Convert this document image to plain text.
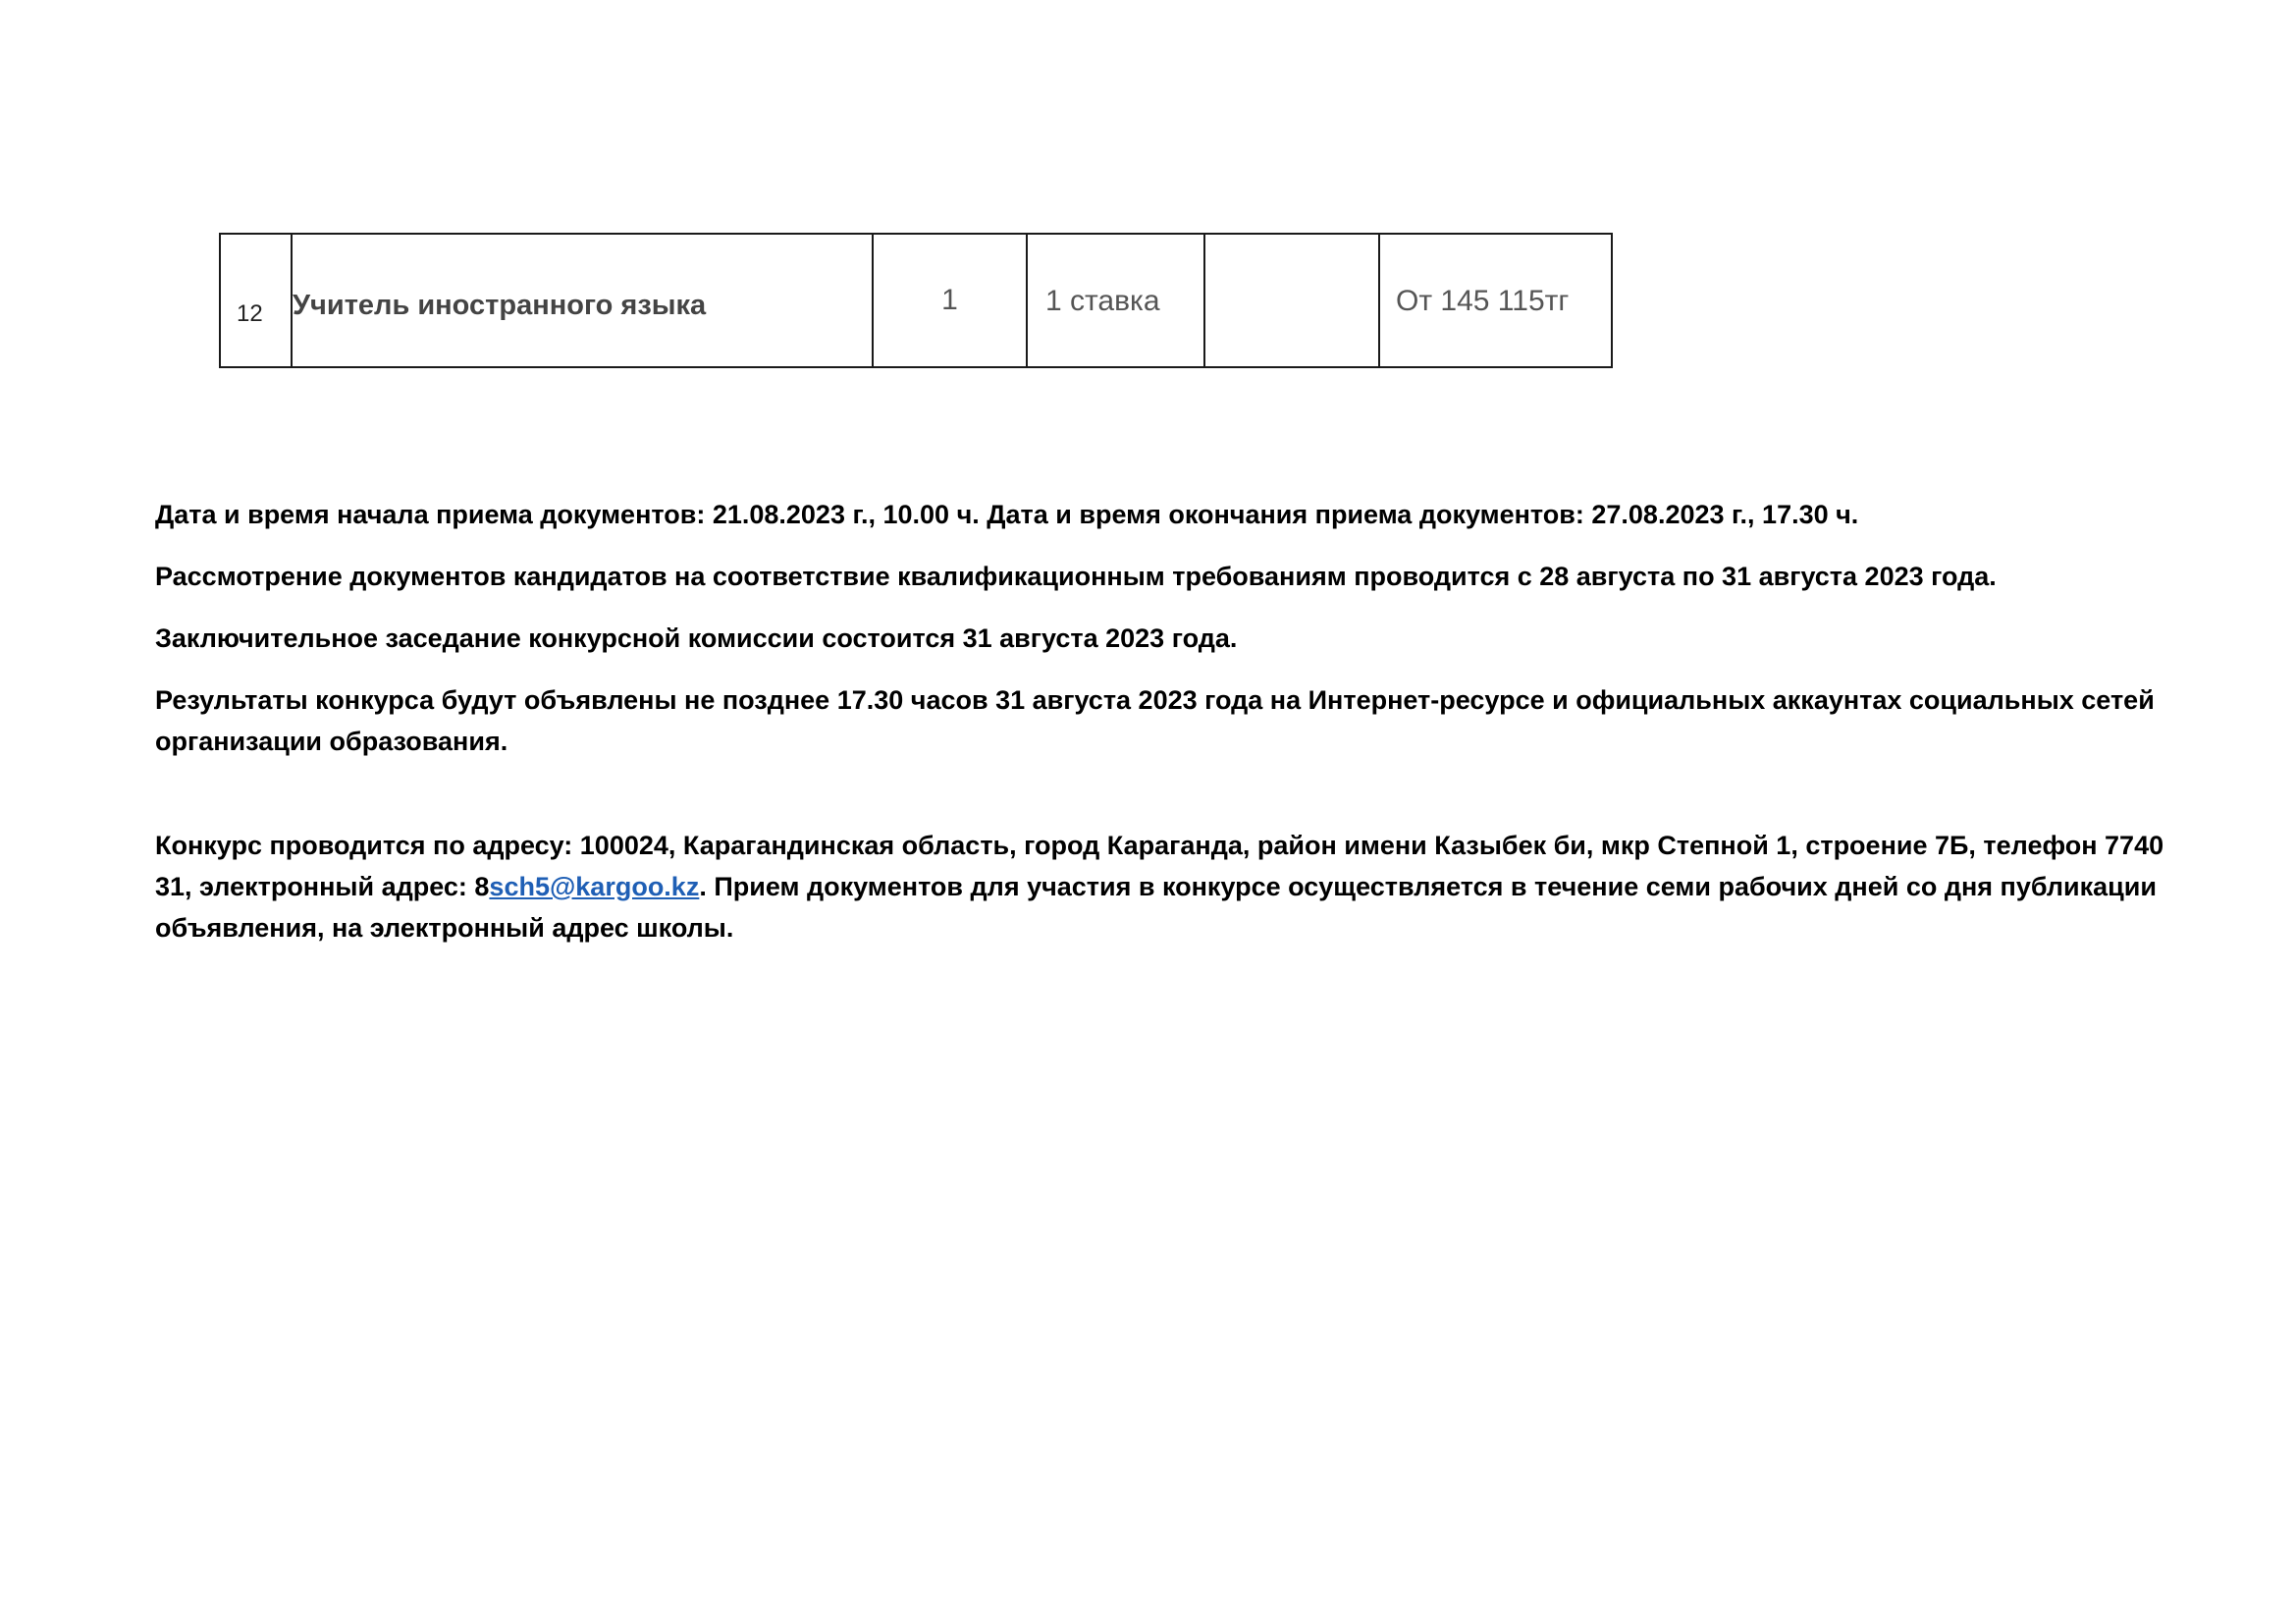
12	Учитель иностранного языка	1	1 ставка		От 145 115тг

Дата и время начала приема документов: 21.08.2023 г., 10.00 ч. Дата и время окончания приема документов: 27.08.2023 г., 17.30 ч.

Рассмотрение документов кандидатов на соответствие квалификационным требованиям проводится с 28 августа по 31 августа 2023 года.

Заключительное заседание конкурсной комиссии состоится 31 августа 2023 года.

Результаты конкурса будут объявлены не позднее 17.30 часов 31 августа 2023 года на Интернет-ресурсе и официальных аккаунтах социальных сетей организации образования.

Конкурс проводится по адресу: 100024, Карагандинская область, город Караганда, район имени Казыбек би, мкр Степной 1, строение 7Б, телефон 7740 31, электронный адрес: 8sch5@kargoo.kz. Прием документов для участия в конкурсе осуществляется в течение семи рабочих дней со дня публикации объявления, на электронный адрес школы.
